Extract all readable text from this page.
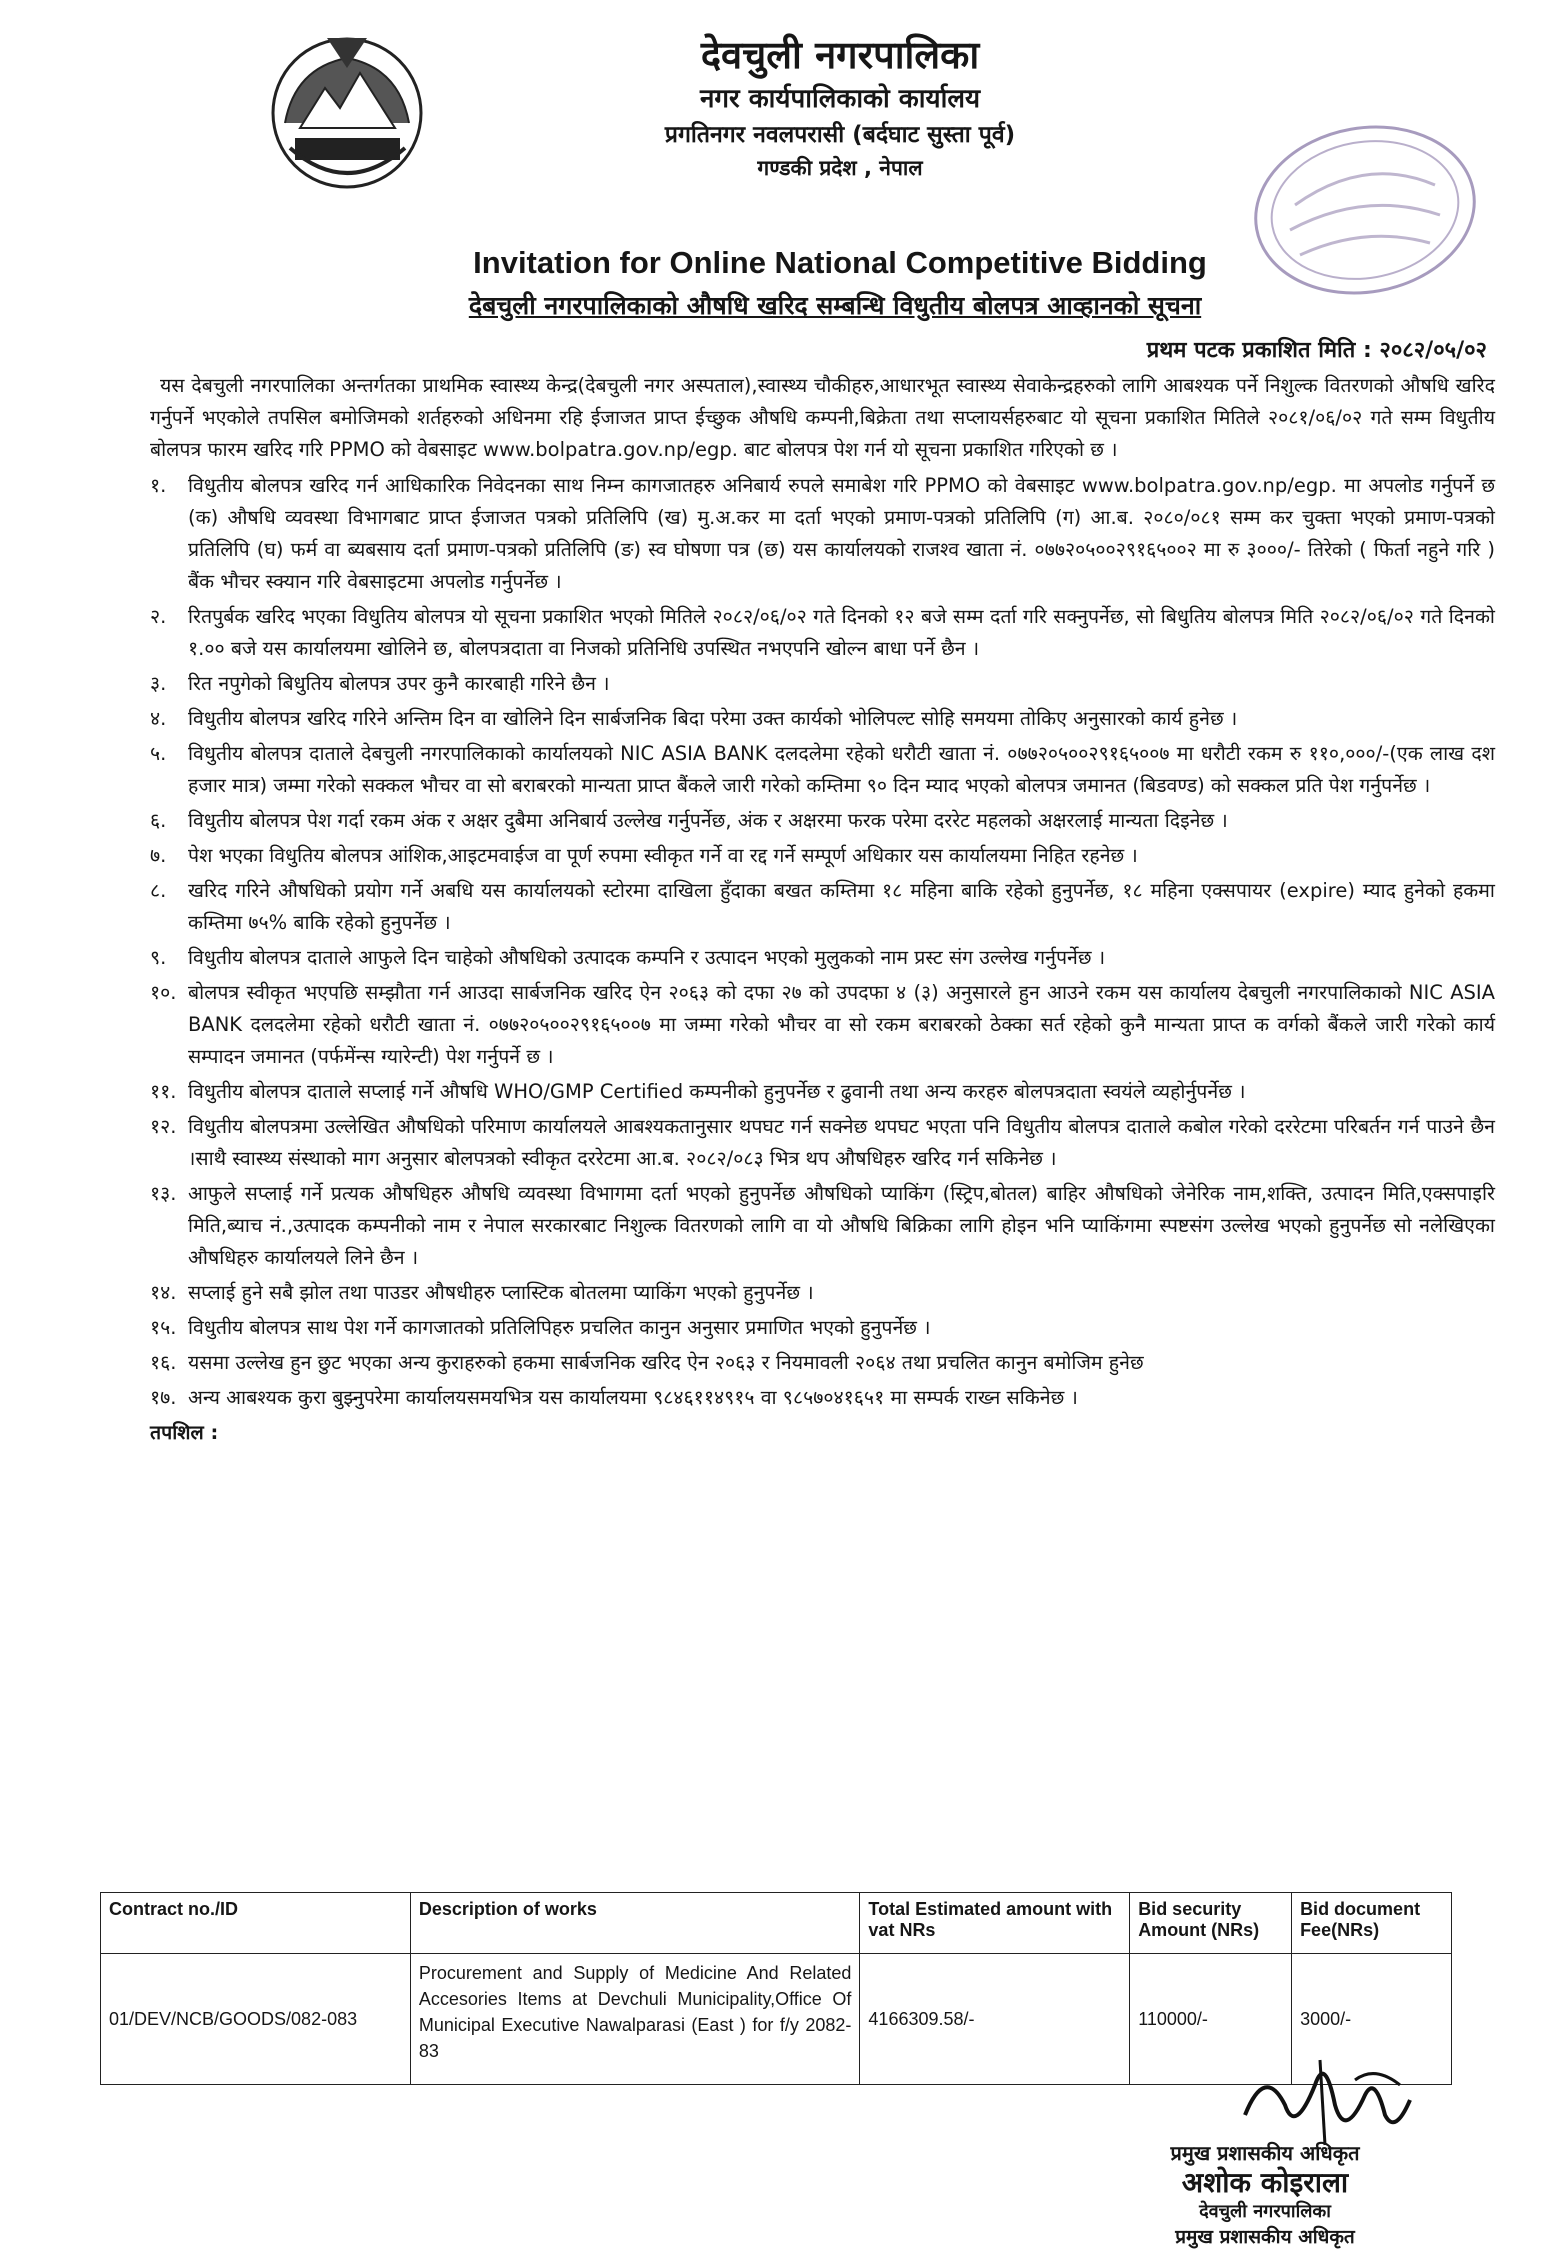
देवचुली नगरपालिका
नगर कार्यपालिकाको कार्यालय
प्रगतिनगर नवलपरासी (बर्दघाट सुस्ता पूर्व)
गण्डकी प्रदेश , नेपाल
Invitation for Online National Competitive Bidding
देबचुली नगरपालिकाको औषधि खरिद सम्बन्धि विधुतीय बोलपत्र आव्हानको सूचना
प्रथम पटक प्रकाशित मिति : २०८२/०५/०२

यस देबचुली नगरपालिका अन्तर्गतका प्राथमिक स्वास्थ्य केन्द्र(देबचुली नगर अस्पताल),स्वास्थ्य चौकीहरु,आधारभूत स्वास्थ्य सेवाकेन्द्रहरुको लागि आबश्यक पर्ने निशुल्क वितरणको औषधि खरिद गर्नुपर्ने भएकोले तपसिल बमोजिमको शर्तहरुको अधिनमा रहि ईजाजत प्राप्त ईच्छुक औषधि कम्पनी,बिक्रेता तथा सप्लायर्सहरुबाट यो सूचना प्रकाशित मितिले २०८१/०६/०२ गते सम्म विधुतीय बोलपत्र फारम खरिद गरि PPMO को वेबसाइट www.bolpatra.gov.np/egp. बाट बोलपत्र पेश गर्न यो सूचना प्रकाशित गरिएको छ ।

१.	विधुतीय बोलपत्र खरिद गर्न आधिकारिक निवेदनका साथ निम्न कागजातहरु अनिबार्य रुपले समाबेश गरि PPMO को वेबसाइट www.bolpatra.gov.np/egp. मा अपलोड गर्नुपर्ने छ (क) औषधि व्यवस्था विभागबाट प्राप्त ईजाजत पत्रको प्रतिलिपि (ख) मु.अ.कर मा दर्ता भएको प्रमाण-पत्रको प्रतिलिपि (ग) आ.ब. २०८०/०८१ सम्म कर चुक्ता भएको प्रमाण-पत्रको प्रतिलिपि (घ) फर्म वा ब्यबसाय दर्ता प्रमाण-पत्रको प्रतिलिपि (ङ) स्व घोषणा पत्र (छ) यस कार्यालयको राजश्व खाता नं. ०७७२०५००२९१६५००२ मा रु ३०००/- तिरेको ( फिर्ता नहुने गरि ) बैंक भौचर स्क्यान गरि वेबसाइटमा अपलोड गर्नुपर्नेछ ।
२.	रितपुर्बक खरिद भएका विधुतिय बोलपत्र यो सूचना प्रकाशित भएको मितिले २०८२/०६/०२ गते दिनको १२ बजे सम्म दर्ता गरि सक्नुपर्नेछ, सो बिधुतिय बोलपत्र मिति २०८२/०६/०२ गते दिनको १.०० बजे यस कार्यालयमा खोलिने छ, बोलपत्रदाता वा निजको प्रतिनिधि उपस्थित नभएपनि खोल्न बाधा पर्ने छैन ।
३.	रित नपुगेको बिधुतिय बोलपत्र उपर कुनै कारबाही गरिने छैन ।
४.	विधुतीय बोलपत्र खरिद गरिने अन्तिम दिन वा खोलिने दिन सार्बजनिक बिदा परेमा उक्त कार्यको भोलिपल्ट सोहि समयमा तोकिए अनुसारको कार्य हुनेछ ।
५.	विधुतीय बोलपत्र दाताले देबचुली नगरपालिकाको कार्यालयको NIC ASIA BANK दलदलेमा रहेको धरौटी खाता नं. ०७७२०५००२९१६५००७ मा धरौटी रकम रु ११०,०००/-(एक लाख दश हजार मात्र) जम्मा गरेको सक्कल भौचर वा सो बराबरको मान्यता प्राप्त बैंकले जारी गरेको कम्तिमा ९० दिन म्याद भएको बोलपत्र जमानत (बिडवण्ड) को सक्कल प्रति पेश गर्नुपर्नेछ ।
६.	विधुतीय बोलपत्र पेश गर्दा रकम अंक र अक्षर दुबैमा अनिबार्य उल्लेख गर्नुपर्नेछ, अंक र अक्षरमा फरक परेमा दररेट महलको अक्षरलाई मान्यता दिइनेछ ।
७.	पेश भएका विधुतिय बोलपत्र आंशिक,आइटमवाईज वा पूर्ण रुपमा स्वीकृत गर्ने वा रद्द गर्ने सम्पूर्ण अधिकार यस कार्यालयमा निहित रहनेछ ।
८.	खरिद गरिने औषधिको प्रयोग गर्ने अबधि यस कार्यालयको स्टोरमा दाखिला हुँदाका बखत कम्तिमा १८ महिना बाकि रहेको हुनुपर्नेछ, १८ महिना एक्सपायर (expire) म्याद हुनेको हकमा कम्तिमा ७५% बाकि रहेको हुनुपर्नेछ ।
९.	विधुतीय बोलपत्र दाताले आफुले दिन चाहेको औषधिको उत्पादक कम्पनि र उत्पादन भएको मुलुकको नाम प्रस्ट संग उल्लेख गर्नुपर्नेछ ।
१०. बोलपत्र स्वीकृत भएपछि सम्झौता गर्न आउदा सार्बजनिक खरिद ऐन २०६३ को दफा २७ को उपदफा ४ (३) अनुसारले हुन आउने रकम यस कार्यालय देबचुली नगरपालिकाको NIC ASIA BANK दलदलेमा रहेको धरौटी खाता नं. ०७७२०५००२९१६५००७ मा जम्मा गरेको भौचर वा सो रकम बराबरको ठेक्का सर्त रहेको कुनै मान्यता प्राप्त क वर्गको बैंकले जारी गरेको कार्य सम्पादन जमानत (पर्फमेंन्स ग्यारेन्टी) पेश गर्नुपर्ने छ ।
११. विधुतीय बोलपत्र दाताले सप्लाई गर्ने औषधि WHO/GMP Certified कम्पनीको हुनुपर्नेछ र ढुवानी तथा अन्य करहरु बोलपत्रदाता स्वयंले व्यहोर्नुपर्नेछ ।
१२. विधुतीय बोलपत्रमा उल्लेखित औषधिको परिमाण कार्यालयले आबश्यकतानुसार थपघट गर्न सक्नेछ थपघट भएता पनि विधुतीय बोलपत्र दाताले कबोल गरेको दररेटमा परिबर्तन गर्न पाउने छैन ।साथै स्वास्थ्य संस्थाको माग अनुसार बोलपत्रको स्वीकृत दररेटमा आ.ब. २०८२/०८३ भित्र थप औषधिहरु खरिद गर्न सकिनेछ ।
१३. आफुले सप्लाई गर्ने प्रत्यक औषधिहरु औषधि व्यवस्था विभागमा दर्ता भएको हुनुपर्नेछ औषधिको प्याकिंग (स्ट्रिप,बोतल) बाहिर औषधिको जेनेरिक नाम,शक्ति, उत्पादन मिति,एक्सपाइरि मिति,ब्याच नं.,उत्पादक कम्पनीको नाम र नेपाल सरकारबाट निशुल्क वितरणको लागि वा यो औषधि बिक्रिका लागि होइन भनि प्याकिंगमा स्पष्टसंग उल्लेख भएको हुनुपर्नेछ सो नलेखिएका औषधिहरु कार्यालयले लिने छैन ।
१४. सप्लाई हुने सबै झोल तथा पाउडर औषधीहरु प्लास्टिक बोतलमा प्याकिंग भएको हुनुपर्नेछ ।
१५. विधुतीय बोलपत्र साथ पेश गर्ने कागजातको प्रतिलिपिहरु प्रचलित कानुन अनुसार प्रमाणित भएको हुनुपर्नेछ ।
१६. यसमा उल्लेख हुन छुट भएका अन्य कुराहरुको हकमा सार्बजनिक खरिद ऐन २०६३ र नियमावली २०६४ तथा प्रचलित कानुन बमोजिम हुनेछ
१७. अन्य आबश्यक कुरा बुझ्नुपरेमा कार्यालयसमयभित्र यस कार्यालयमा ९८४६११४९१५ वा ९८५७०४१६५१ मा सम्पर्क राख्न सकिनेछ ।
तपशिल :
Contract no./ID	Description of works	Total Estimated amount with vat NRs	Bid security Amount (NRs)	Bid document Fee(NRs)
01/DEV/NCB/GOODS/082-083	Procurement and Supply of Medicine And Related Accesories Items at Devchuli Municipality,Office Of Municipal Executive Nawalparasi (East ) for f/y 2082-83	4166309.58/-	110000/-	3000/-
प्रमुख प्रशासकीय अधिकृत
अशोक कोइराला
देवचुली नगरपालिका
प्रमुख प्रशासकीय अधिकृत
